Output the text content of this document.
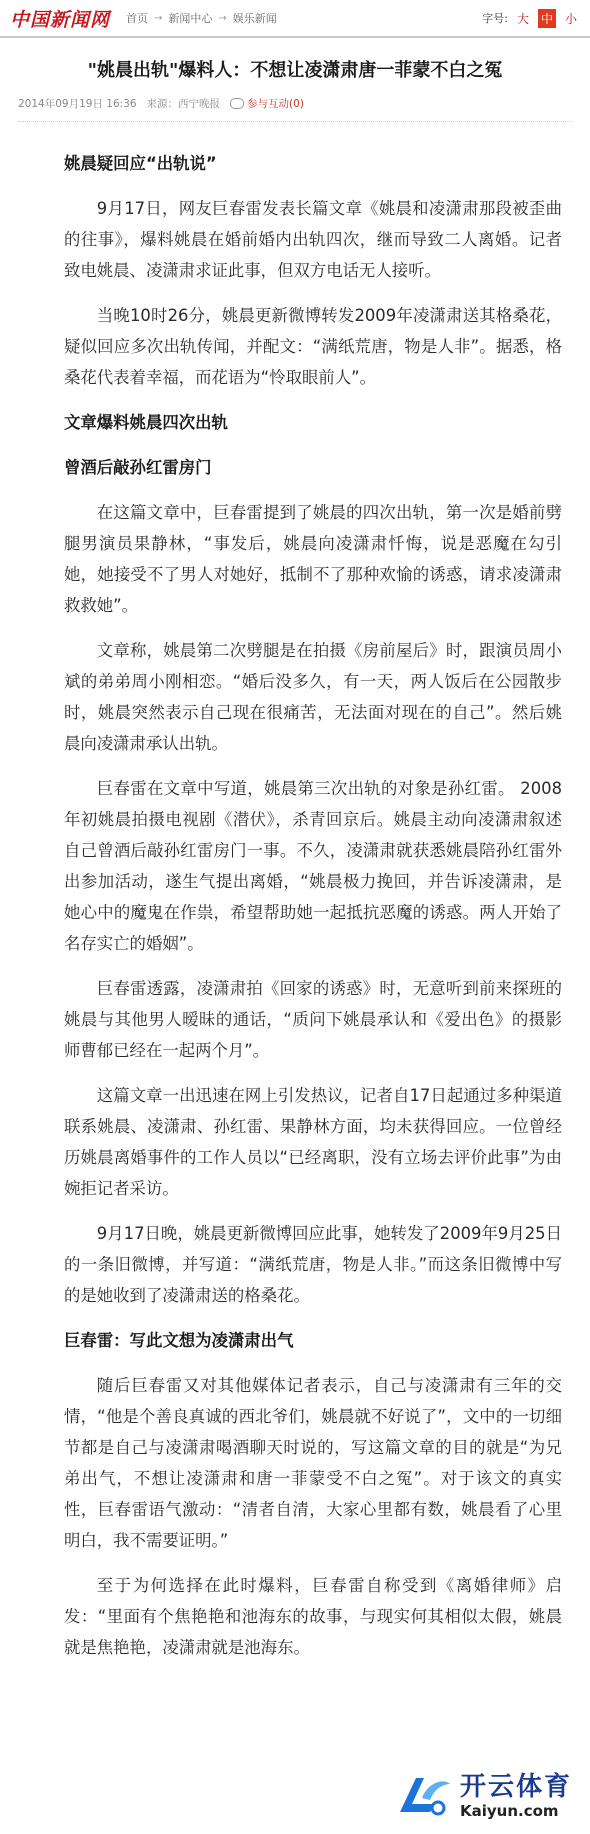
中国新闻网 首页 → 新闻中心 → 娱乐新闻	字号: 大 中 小
"姚晨出轨"爆料人：不想让凌潇肃唐一菲蒙不白之冤
2014年09月19日 16:36 来源：西宁晚报	参与互动(0)
姚晨疑回应“出轨说”

9月17日，网友巨春雷发表长篇文章《姚晨和凌潇肃那段被歪曲的往事》，爆料姚晨在婚前婚内出轨四次，继而导致二人离婚。记者致电姚晨、凌潇肃求证此事，但双方电话无人接听。

当晚10时26分，姚晨更新微博转发2009年凌潇肃送其格桑花，疑似回应多次出轨传闻，并配文：“满纸荒唐，物是人非”。据悉，格桑花代表着幸福，而花语为“怜取眼前人”。

文章爆料姚晨四次出轨
曾酒后敲孙红雷房门

在这篇文章中，巨春雷提到了姚晨的四次出轨，第一次是婚前劈腿男演员果静林，“事发后，姚晨向凌潇肃忏悔，说是恶魔在勾引她，她接受不了男人对她好，抵制不了那种欢愉的诱惑，请求凌潇肃救救她”。

文章称，姚晨第二次劈腿是在拍摄《房前屋后》时，跟演员周小斌的弟弟周小刚相恋。“婚后没多久，有一天，两人饭后在公园散步时，姚晨突然表示自己现在很痛苦，无法面对现在的自己”。然后姚晨向凌潇肃承认出轨。

巨春雷在文章中写道，姚晨第三次出轨的对象是孙红雷。 2008年初姚晨拍摄电视剧《潜伏》，杀青回京后。姚晨主动向凌潇肃叙述自己曾酒后敲孙红雷房门一事。不久，凌潇肃就获悉姚晨陪孙红雷外出参加活动，遂生气提出离婚，“姚晨极力挽回，并告诉凌潇肃，是她心中的魔鬼在作祟，希望帮助她一起抵抗恶魔的诱惑。两人开始了名存实亡的婚姻”。

巨春雷透露，凌潇肃拍《回家的诱惑》时，无意听到前来探班的姚晨与其他男人暧昧的通话，“质问下姚晨承认和《爱出色》的摄影师曹郁已经在一起两个月”。

这篇文章一出迅速在网上引发热议，记者自17日起通过多种渠道联系姚晨、凌潇肃、孙红雷、果静林方面，均未获得回应。一位曾经历姚晨离婚事件的工作人员以“已经离职，没有立场去评价此事”为由婉拒记者采访。

9月17日晚，姚晨更新微博回应此事，她转发了2009年9月25日的一条旧微博，并写道：“满纸荒唐，物是人非。”而这条旧微博中写的是她收到了凌潇肃送的格桑花。

巨春雷：写此文想为凌潇肃出气

随后巨春雷又对其他媒体记者表示，自己与凌潇肃有三年的交情，“他是个善良真诚的西北爷们，姚晨就不好说了”，文中的一切细节都是自己与凌潇肃喝酒聊天时说的，写这篇文章的目的就是“为兄弟出气，不想让凌潇肃和唐一菲蒙受不白之冤”。对于该文的真实性，巨春雷语气激动：“清者自清，大家心里都有数，姚晨看了心里明白，我不需要证明。”

至于为何选择在此时爆料，巨春雷自称受到《离婚律师》启发：“里面有个焦艳艳和池海东的故事，与现实何其相似太假，姚晨就是焦艳艳，凌潇肃就是池海东。

开云体育
Kaiyun.com
